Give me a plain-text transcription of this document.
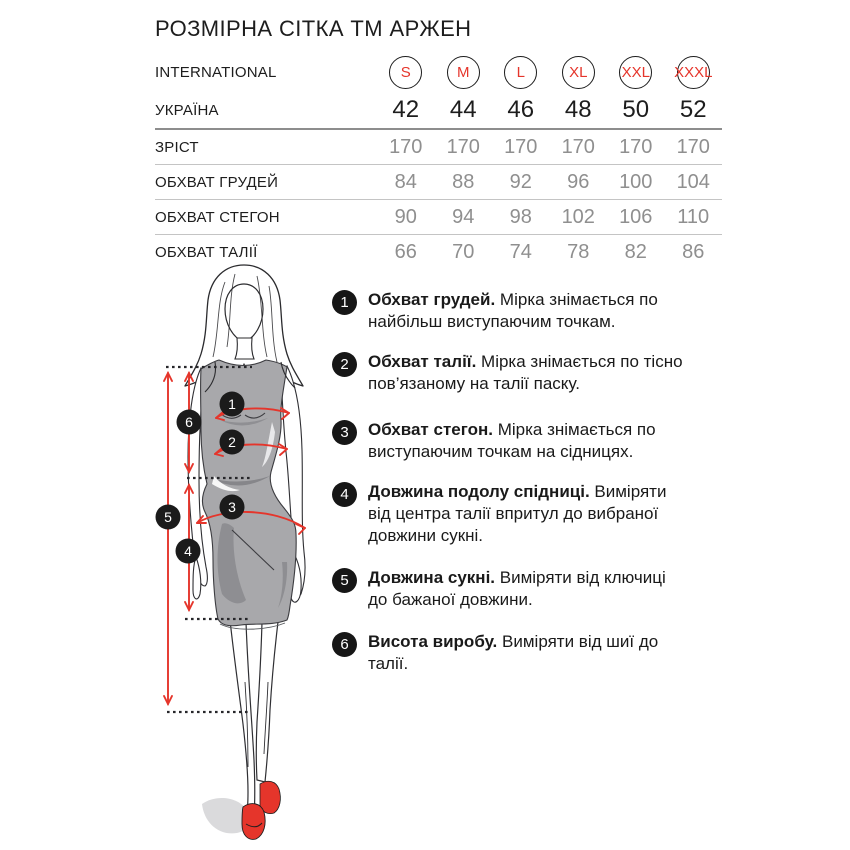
РОЗМІРНА СІТКА ТМ АРЖЕН
INTERNATIONAL	S	M	L	XL XXL XXXL
УКРАЇНА	42	44	46	48	50	52
ЗРІСТ	170	170	170	170	170	170
ОБХВАТ ГРУДЕЙ	84	88	92	96	100	104
ОБХВАТ СТЕГОН	90	94	98	102	106	110
ОБХВАТ ТАЛІЇ	66	70	74	78	82	86
1
2
3
4
5
6
1 Обхват грудей. Мірка знімається по найбільш виступаючим точкам.

2 Обхват талії. Мірка знімається по тісно пов’язаному на талії паску.

3 Обхват стегон. Мірка знімається по виступаючим точкам на сідницях.

4 Довжина подолу спідниці. Виміряти від центра талії впритул до вибраної довжини сукні.

5 Довжина сукні. Виміряти від ключиці до бажаної довжини.

6 Висота виробу. Виміряти від шиї до талії.
